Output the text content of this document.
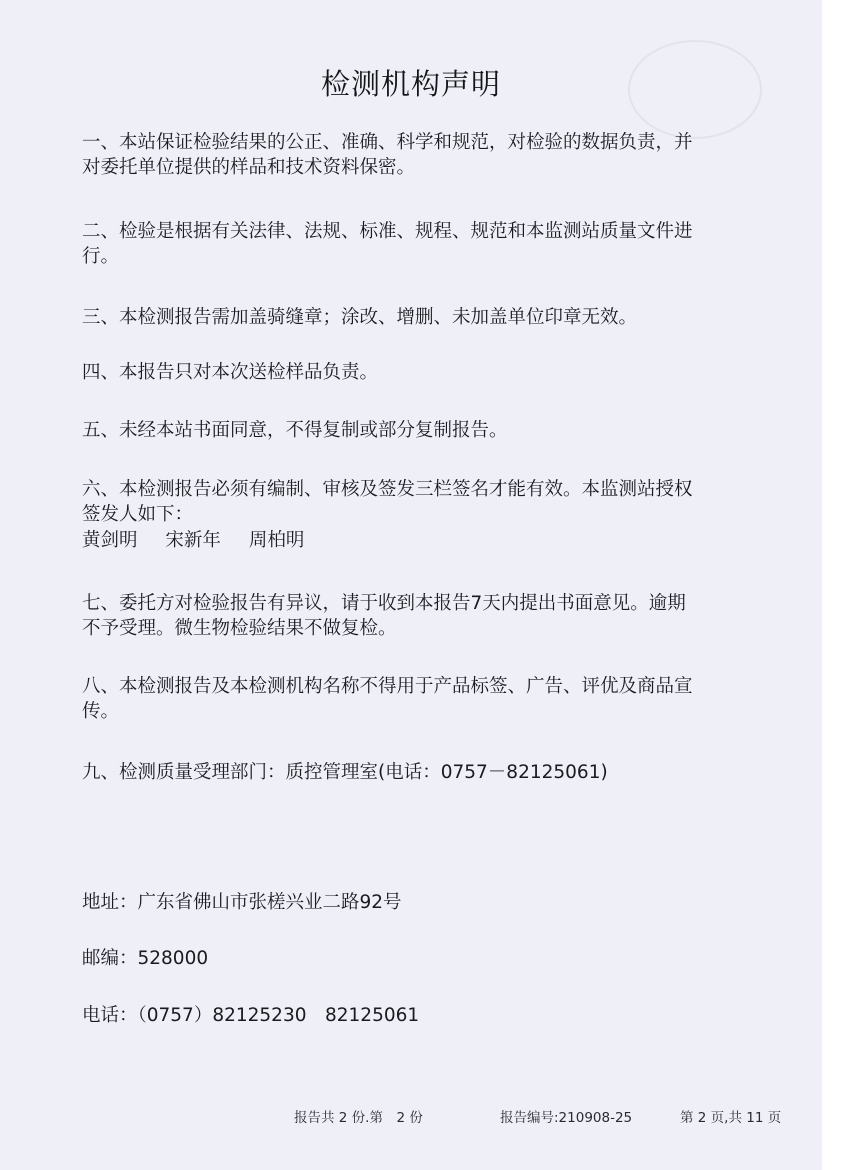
检测机构声明

一、本站保证检验结果的公正、准确、科学和规范，对检验的数据负责，并对委托单位提供的样品和技术资料保密。

二、检验是根据有关法律、法规、标准、规程、规范和本监测站质量文件进行。

三、本检测报告需加盖骑缝章；涂改、增删、未加盖单位印章无效。

四、本报告只对本次送检样品负责。

五、未经本站书面同意，不得复制或部分复制报告。

六、本检测报告必须有编制、审核及签发三栏签名才能有效。本监测站授权签发人如下：

黄剑明 宋新年 周柏明

七、委托方对检验报告有异议，请于收到本报告7天内提出书面意见。逾期不予受理。微生物检验结果不做复检。

八、本检测报告及本检测机构名称不得用于产品标签、广告、评优及商品宣传。

九、检测质量受理部门：质控管理室(电话：0757－82125061)

地址：广东省佛山市张槎兴业二路92号

邮编：528000

电话：（0757）82125230　82125061

报告共 2 份.第　2 份	报告编号:210908-25	第 2 页,共 11 页
